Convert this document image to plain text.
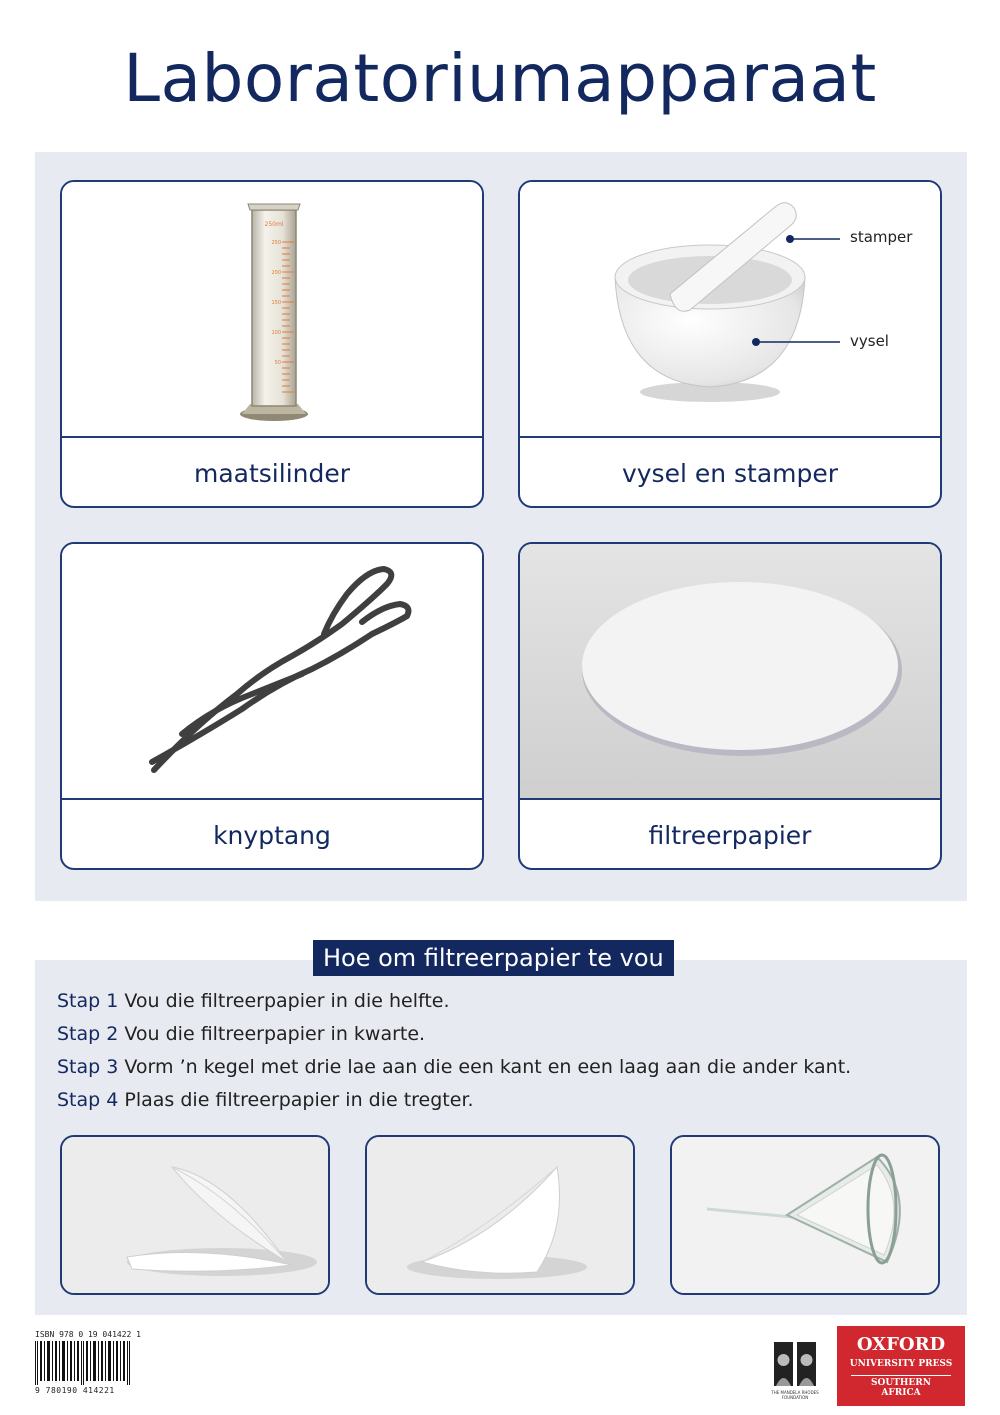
Laboratoriumapparaat
250ml
250
200
150
100
50
maatsilinder
stamper
vysel
vysel en stamper
knyptang	filtreerpapier
Hoe om filtreerpapier te vou
Stap 1 Vou die filtreerpapier in die helfte.
Stap 2 Vou die filtreerpapier in kwarte.
Stap 3 Vorm ’n kegel met drie lae aan die een kant en een laag aan die ander kant.
Stap 4 Plaas die filtreerpapier in die tregter.
ISBN 978 0 19 041422 1
9 780190 414221	THE MANDELA RHODES FOUNDATION
OXFORD
UNIVERSITY PRESS
SOUTHERN AFRICA
